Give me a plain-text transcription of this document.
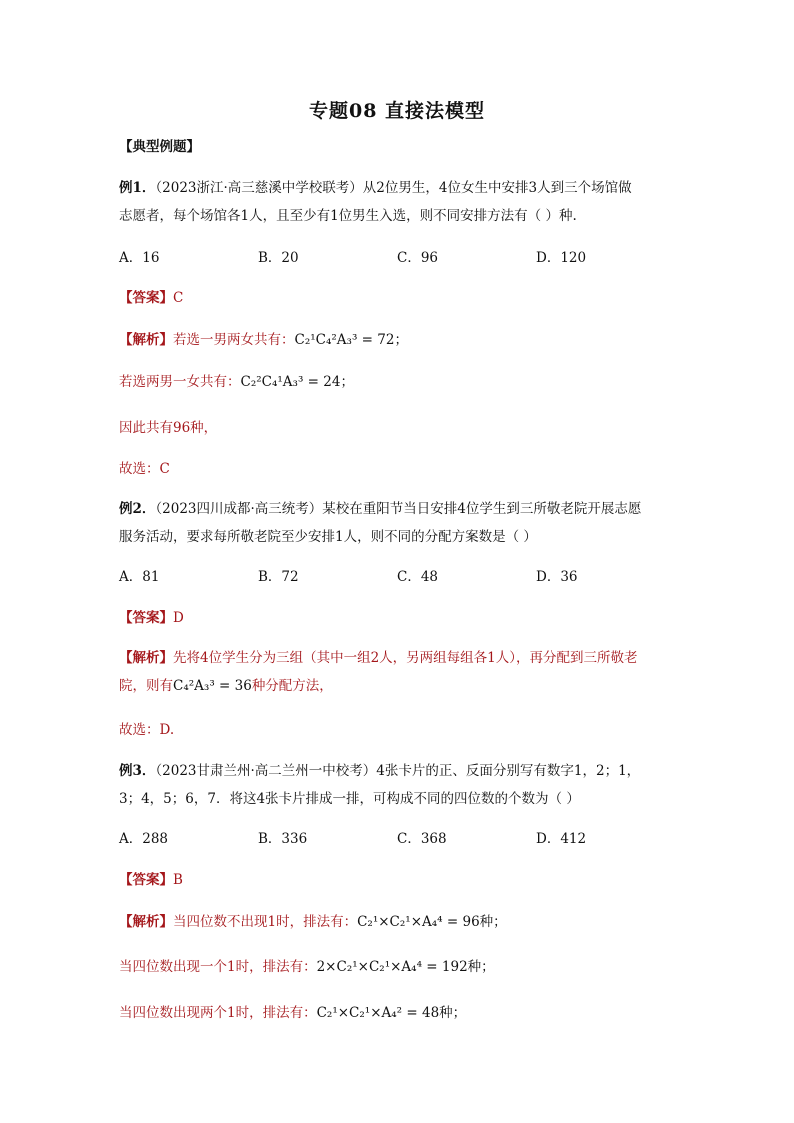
专题08 直接法模型
【典型例题】
例1．（2023浙江·高三慈溪中学校联考）从2位男生，4位女生中安排3人到三个场馆做
志愿者，每个场馆各1人，且至少有1位男生入选，则不同安排方法有（ ）种.
A．16	B．20	C．96	D．120
【答案】C
【解析】若选一男两女共有：C₂¹C₄²A₃³ = 72；
若选两男一女共有：C₂²C₄¹A₃³ = 24；
因此共有96种，
故选：C
例2．（2023四川成都·高三统考）某校在重阳节当日安排4位学生到三所敬老院开展志愿
服务活动，要求每所敬老院至少安排1人，则不同的分配方案数是（ ）
A．81	B．72	C．48	D．36
【答案】D
【解析】先将4位学生分为三组（其中一组2人，另两组每组各1人），再分配到三所敬老
院，则有C₄²A₃³ = 36种分配方法，
故选：D.
例3．（2023甘肃兰州·高二兰州一中校考）4张卡片的正、反面分别写有数字1，2；1，
3；4，5；6，7．将这4张卡片排成一排，可构成不同的四位数的个数为（ ）
A．288	B．336	C．368	D．412
【答案】B
【解析】当四位数不出现1时，排法有：C₂¹×C₂¹×A₄⁴ = 96种；
当四位数出现一个1时，排法有：2×C₂¹×C₂¹×A₄⁴ = 192种；
当四位数出现两个1时，排法有：C₂¹×C₂¹×A₄² = 48种；
